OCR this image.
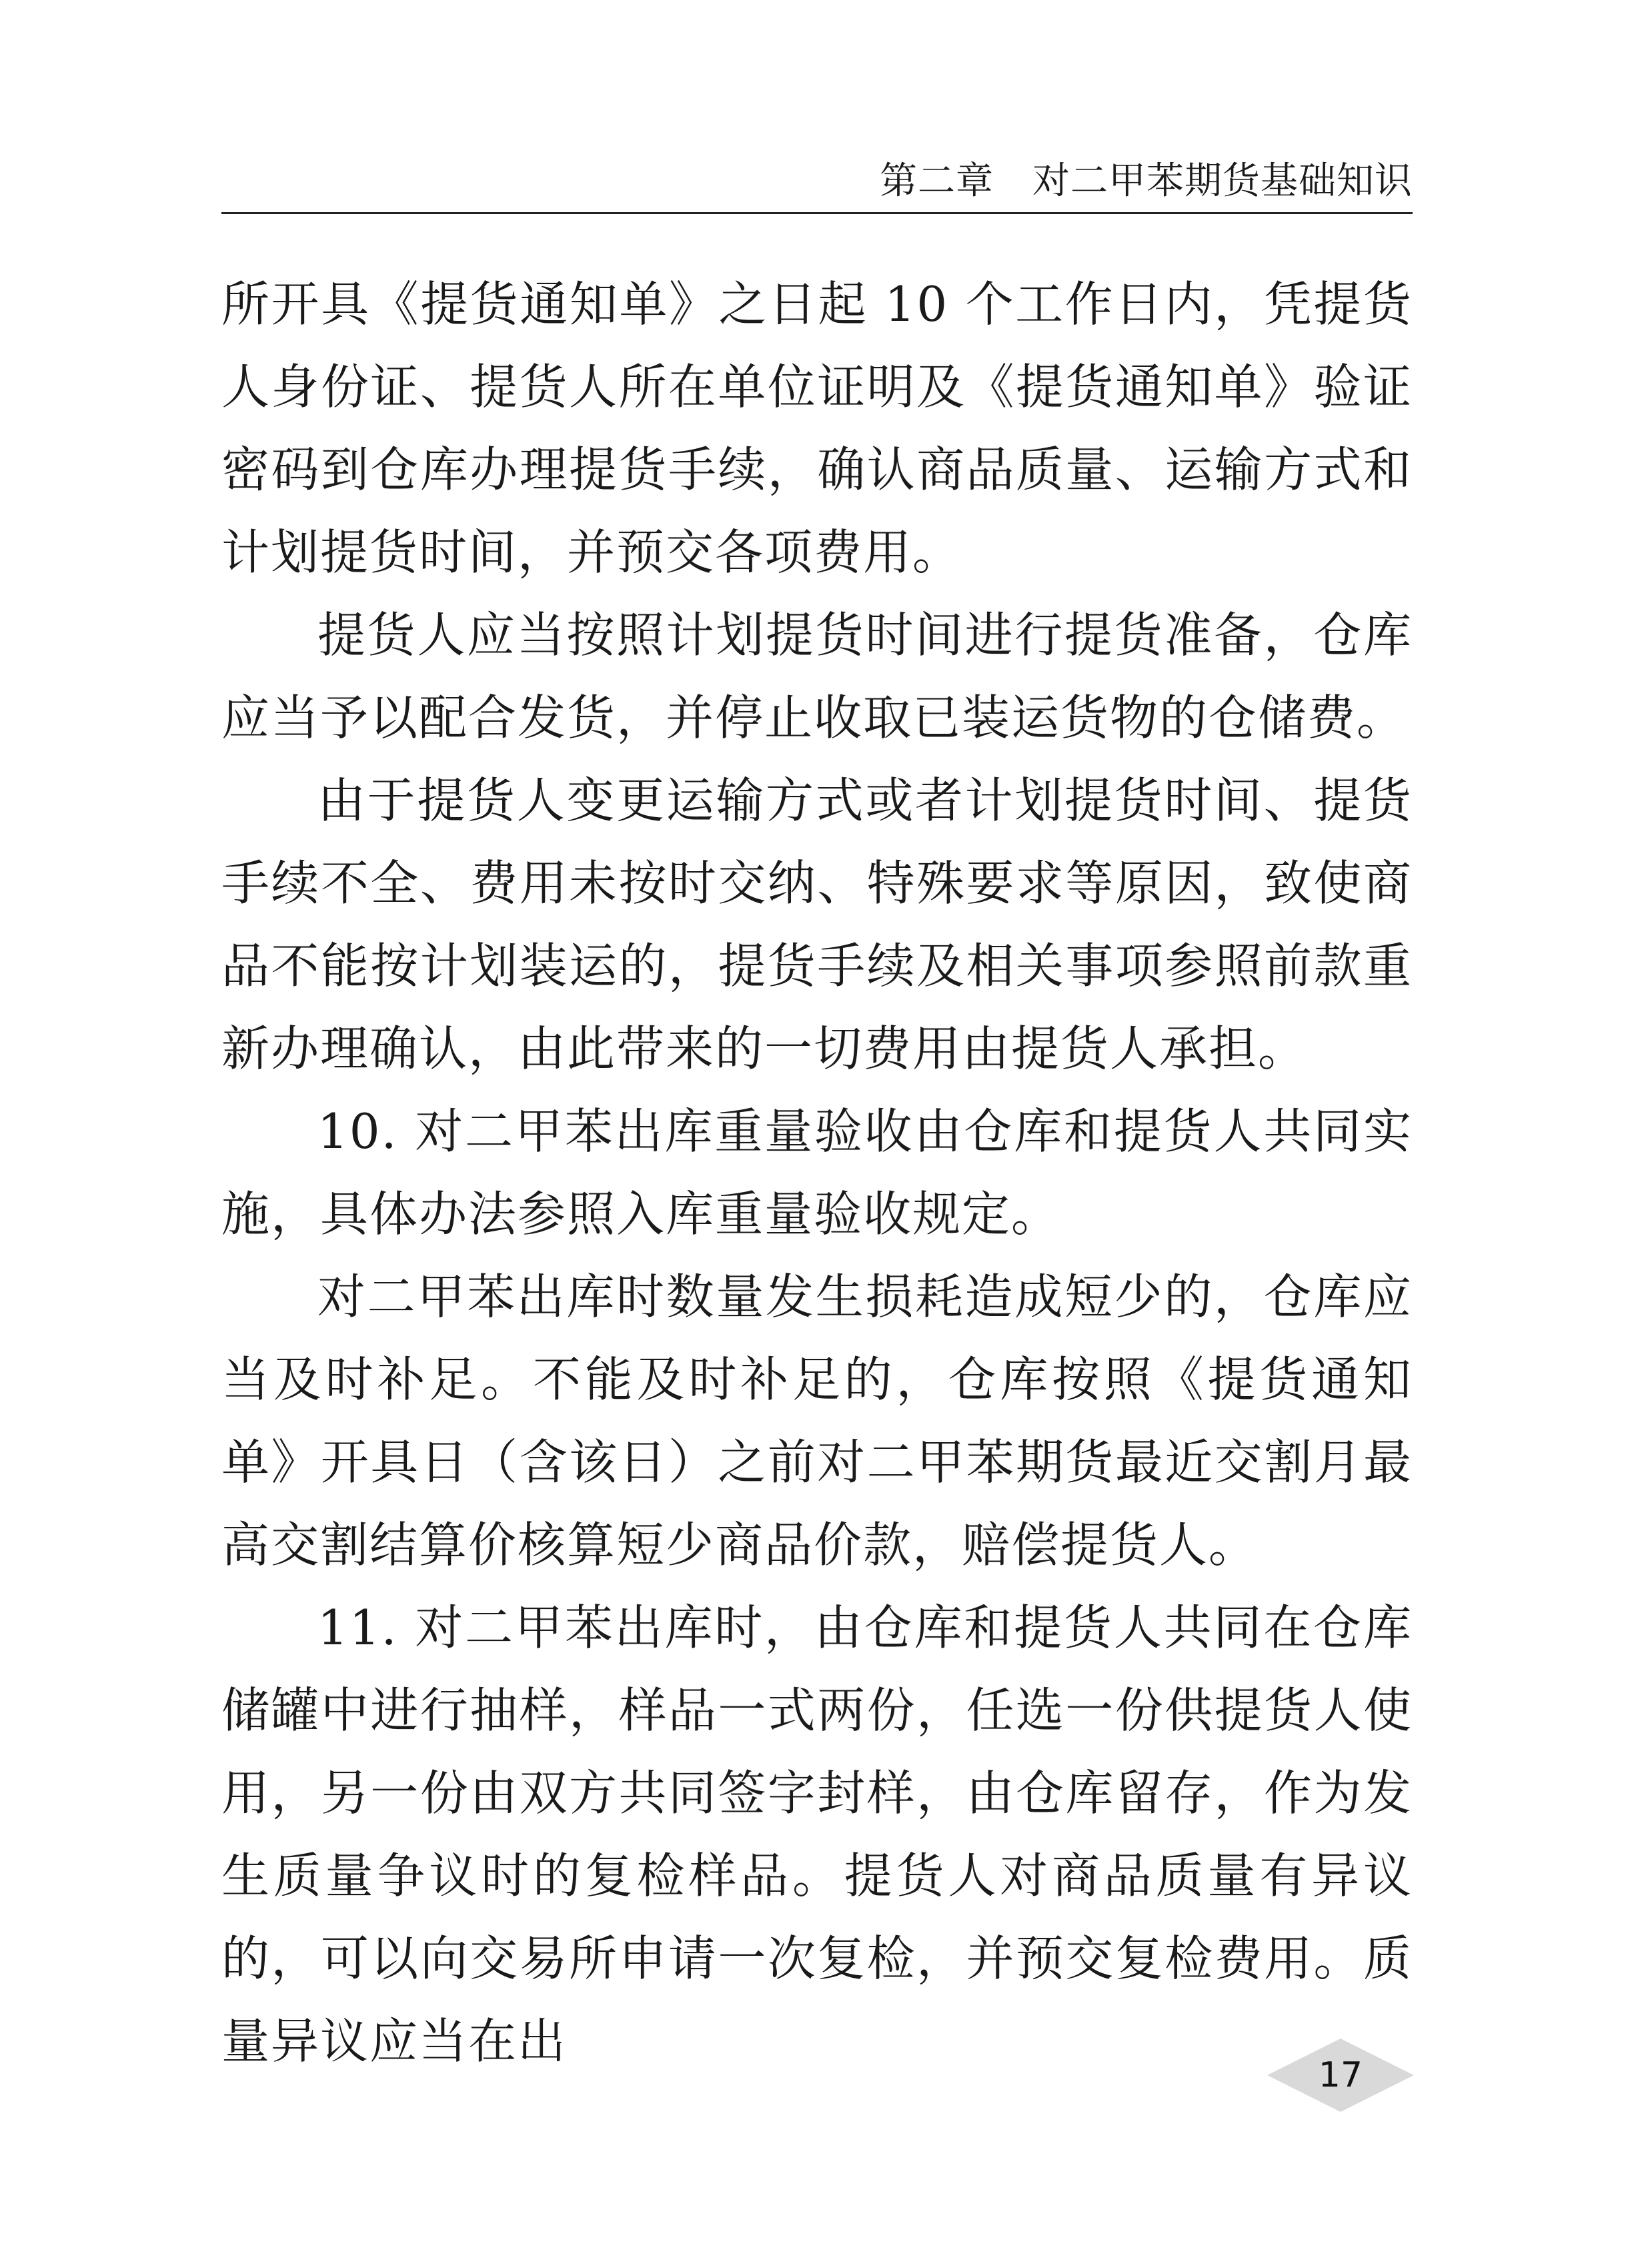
第二章 对二甲苯期货基础知识

所开具《提货通知单》之日起 10 个工作日内，凭提货人身份证、提货人所在单位证明及《提货通知单》验证密码到仓库办理提货手续，确认商品质量、运输方式和计划提货时间，并预交各项费用。

提货人应当按照计划提货时间进行提货准备，仓库应当予以配合发货，并停止收取已装运货物的仓储费。

由于提货人变更运输方式或者计划提货时间、提货手续不全、费用未按时交纳、特殊要求等原因，致使商品不能按计划装运的，提货手续及相关事项参照前款重新办理确认，由此带来的一切费用由提货人承担。

10. 对二甲苯出库重量验收由仓库和提货人共同实施，具体办法参照入库重量验收规定。

对二甲苯出库时数量发生损耗造成短少的，仓库应当及时补足。不能及时补足的，仓库按照《提货通知单》开具日（含该日）之前对二甲苯期货最近交割月最高交割结算价核算短少商品价款，赔偿提货人。

11. 对二甲苯出库时，由仓库和提货人共同在仓库储罐中进行抽样，样品一式两份，任选一份供提货人使用，另一份由双方共同签字封样，由仓库留存，作为发生质量争议时的复检样品。提货人对商品质量有异议的，可以向交易所申请一次复检，并预交复检费用。质量异议应当在出

17
